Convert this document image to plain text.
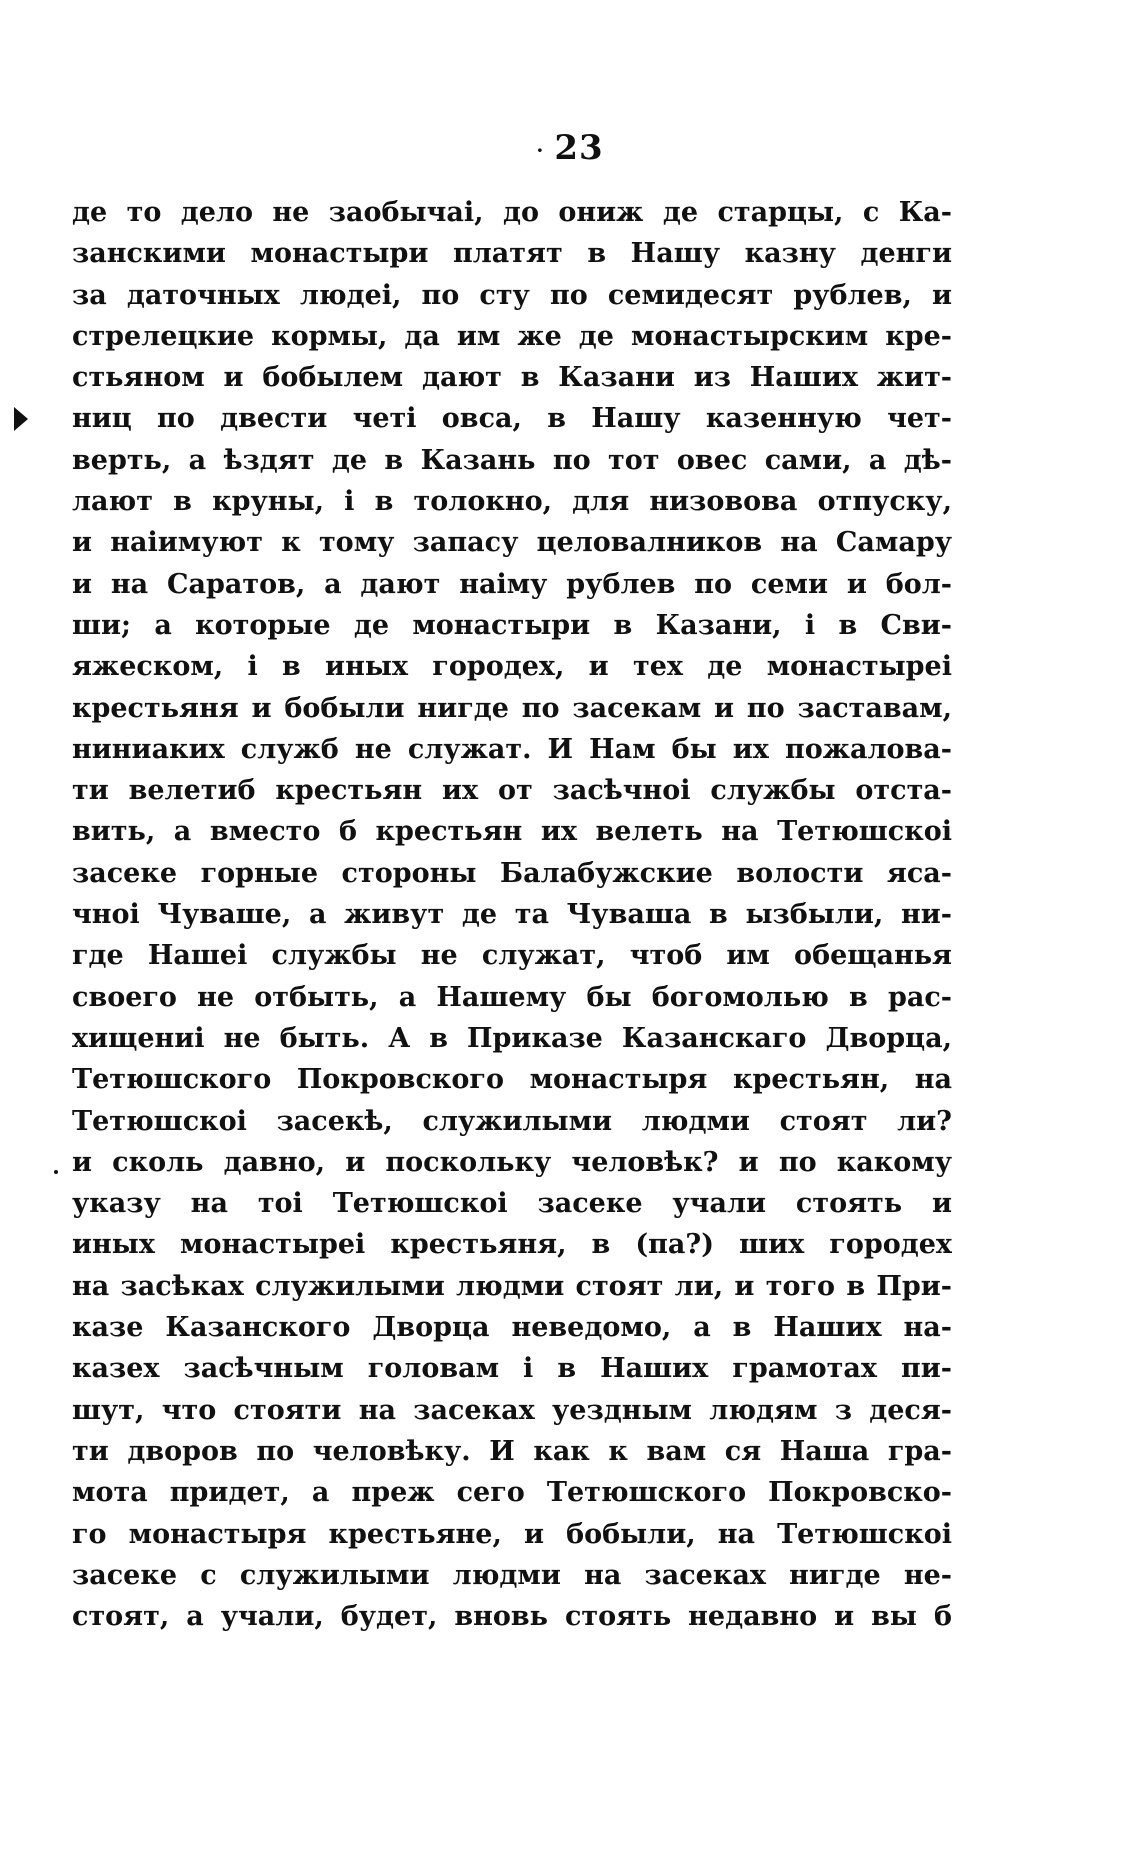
· 23
де то дело не заобычаі, до ониж де старцы, с Ка-
занскими монастыри платят в Нашу казну денги
за даточных людеі, по сту по семидесят рублев, и
стрелецкие кормы, да им же де монастырским кре-
стьяном и бобылем дают в Казани из Наших жит-
ниц по двести четі овса, в Нашу казенную чет-
верть, а ѣздят де в Казань по тот овес сами, а дѣ-
лают в круны, і в толокно, для низовова отпуску,
и наіимуют к тому запасу целовалников на Самару
и на Саратов, а дают наіму рублев по семи и бол-
ши; а которые де монастыри в Казани, і в Сви-
яжеском, і в иных городех, и тех де монастыреі
крестьяня и бобыли нигде по засекам и по заставам,
ниниаких служб не служат. И Нам бы их пожалова-
ти велетиб крестьян их от засѣчноі службы отста-
вить, а вместо б крестьян их велеть на Тетюшскоі
засеке горные стороны Балабужские волости яса-
чноі Чуваше, а живут де та Чуваша в ызбыли, ни-
где Нашеі службы не служат, чтоб им обещанья
своего не отбыть, а Нашему бы богомолью в рас-
хищениі не быть. А в Приказе Казанскаго Дворца,
Тетюшского Покровского монастыря крестьян, на
Тетюшскоі засекѣ, служилыми людми стоят ли?
и сколь давно, и поскольку человѣк? и по какому
указу на тоі Тетюшскоі засеке учали стоять и
иных монастыреі крестьяня, в (па?) ших городех
на засѣках служилыми людми стоят ли, и того в При-
казе Казанского Дворца неведомо, а в Наших на-
казех засѣчным головам і в Наших грамотах пи-
шут, что стояти на засеках уездным людям з деся-
ти дворов по человѣку. И как к вам ся Наша гра-
мота придет, а преж сего Тетюшского Покровско-
го монастыря крестьяне, и бобыли, на Тетюшскоі
засеке с служилыми людми на засеках нигде не-
стоят, а учали, будет, вновь стоять недавно и вы б
